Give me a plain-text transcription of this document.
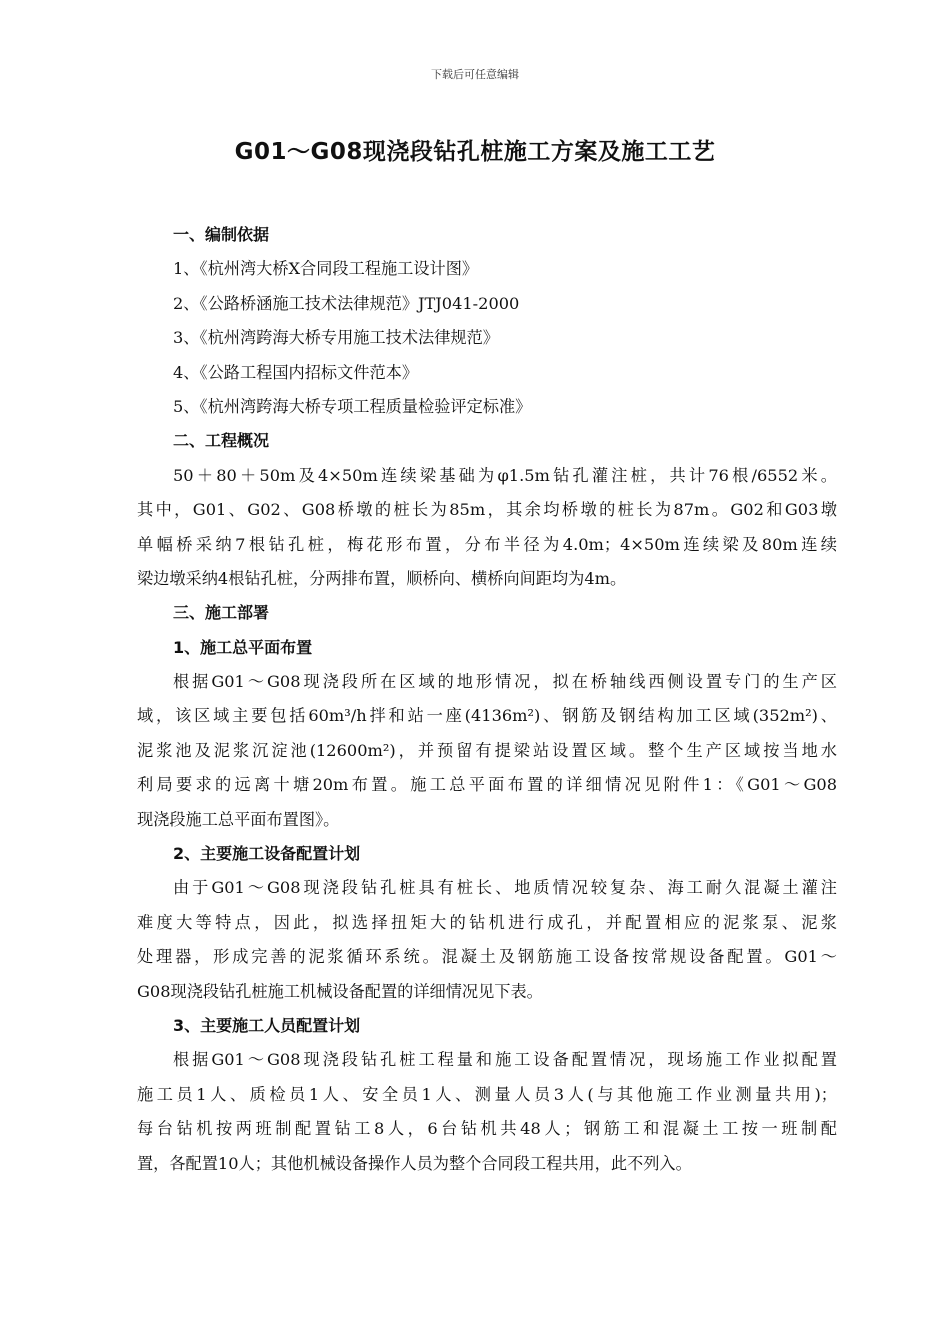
下载后可任意编辑
G01～G08现浇段钻孔桩施工方案及施工工艺
一、编制依据
1、《杭州湾大桥X合同段工程施工设计图》
2、《公路桥涵施工技术法律规范》JTJ041-2000
3、《杭州湾跨海大桥专用施工技术法律规范》
4、《公路工程国内招标文件范本》
5、《杭州湾跨海大桥专项工程质量检验评定标准》
二、工程概况
50＋80＋50m及4×50m连续梁基础为φ1.5m钻孔灌注桩，共计76根/6552米。
其中，G01、G02、G08桥墩的桩长为85m，其余均桥墩的桩长为87m。G02和G03墩
单幅桥采纳7根钻孔桩，梅花形布置，分布半径为4.0m；4×50m连续梁及80m连续
梁边墩采纳4根钻孔桩，分两排布置，顺桥向、横桥向间距均为4m。
三、施工部署
1、施工总平面布置
根据G01～G08现浇段所在区域的地形情况，拟在桥轴线西侧设置专门的生产区
域，该区域主要包括60m³/h拌和站一座(4136m²)、钢筋及钢结构加工区域(352m²)、
泥浆池及泥浆沉淀池(12600m²)，并预留有提梁站设置区域。整个生产区域按当地水
利局要求的远离十塘20m布置。施工总平面布置的详细情况见附件1：《G01～G08
现浇段施工总平面布置图》。
2、主要施工设备配置计划
由于G01～G08现浇段钻孔桩具有桩长、地质情况较复杂、海工耐久混凝土灌注
难度大等特点，因此，拟选择扭矩大的钻机进行成孔，并配置相应的泥浆泵、泥浆
处理器，形成完善的泥浆循环系统。混凝土及钢筋施工设备按常规设备配置。G01～
G08现浇段钻孔桩施工机械设备配置的详细情况见下表。
3、主要施工人员配置计划
根据G01～G08现浇段钻孔桩工程量和施工设备配置情况，现场施工作业拟配置
施工员1人、质检员1人、安全员1人、测量人员3人(与其他施工作业测量共用)；
每台钻机按两班制配置钻工8人，6台钻机共48人；钢筋工和混凝土工按一班制配
置，各配置10人；其他机械设备操作人员为整个合同段工程共用，此不列入。
